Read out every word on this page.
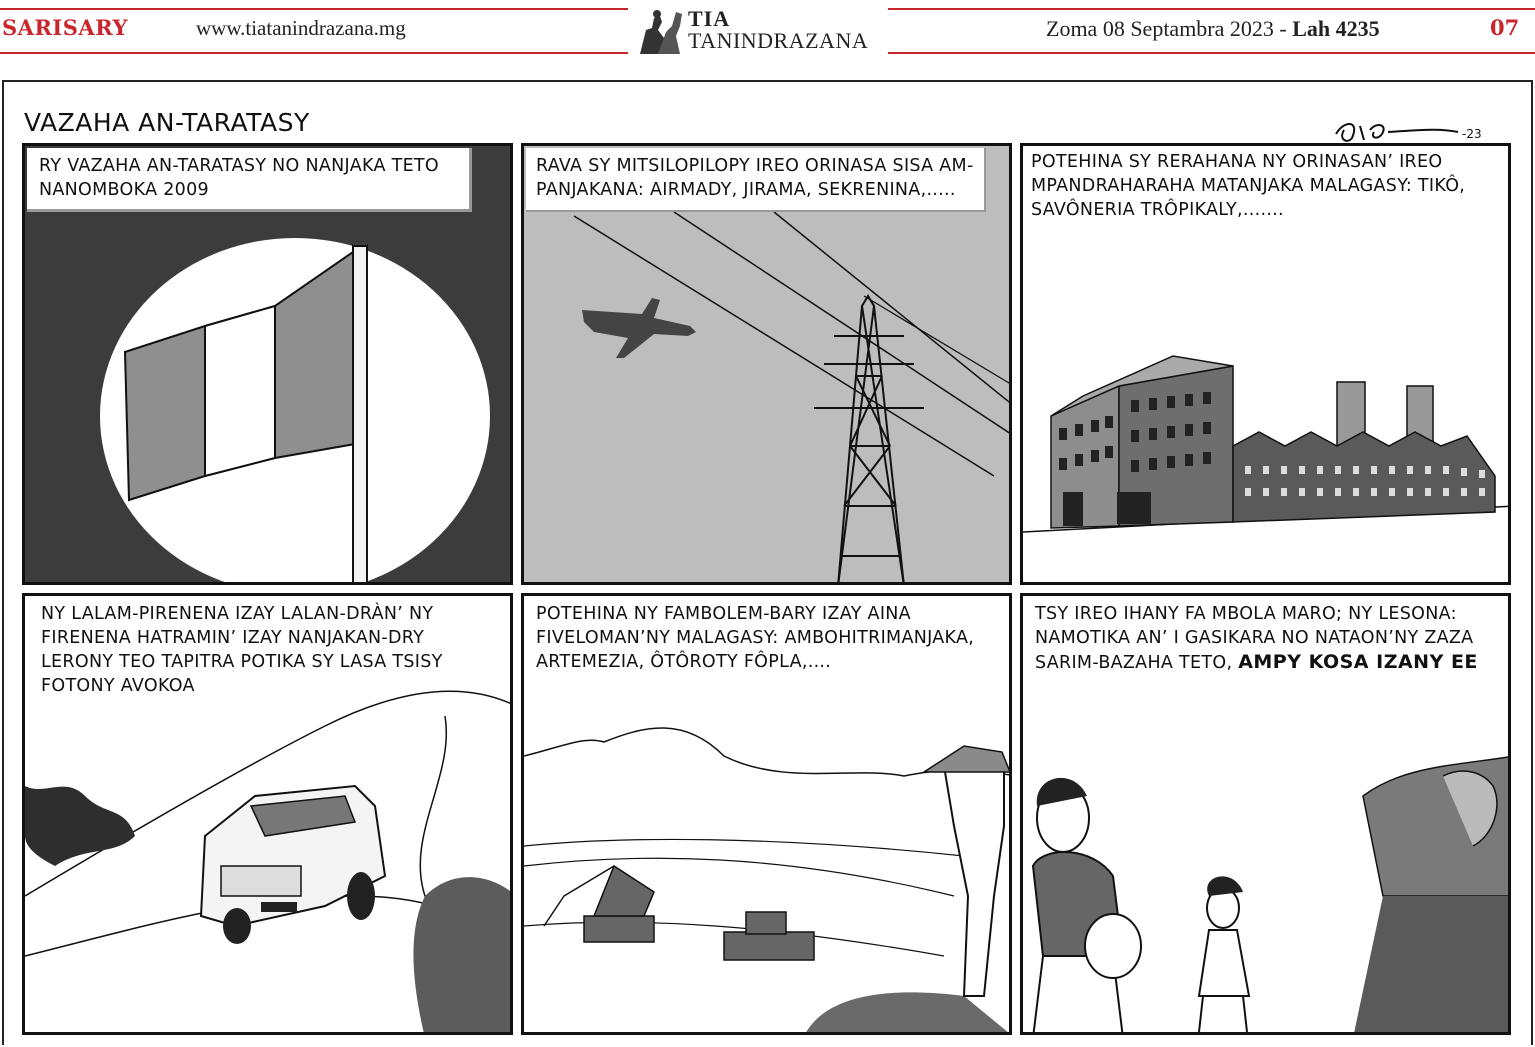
SARISARY	www.tiatanindrazana.mg	TIA
TANINDRAZANA	Zoma 08 Septambra 2023 - Lah 4235	07
VAZAHA AN-TARATASY	-23
RY VAZAHA AN-TARATASY NO NANJAKA TETO
NANOMBOKA 2009
RAVA SY MITSILOPILOPY IREO ORINASA SISA AM-
PANJAKANA: AIRMADY, JIRAMA, SEKRENINA,.....
POTEHINA SY RERAHANA NY ORINASAN’ IREO
MPANDRAHARAHA MATANJAKA MALAGASY: TIKÔ,
SAVÔNERIA TRÔPIKALY,.......
NY LALAM-PIRENENA IZAY LALAN-DRÀN’ NY
FIRENENA HATRAMIN’ IZAY NANJAKAN-DRY
LERONY TEO TAPITRA POTIKA SY LASA TSISY
FOTONY AVOKOA
POTEHINA NY FAMBOLEM-BARY IZAY AINA
FIVELOMAN’NY MALAGASY: AMBOHITRIMANJAKA,
ARTEMEZIA, ÔTÔROTY FÔPLA,....
TSY IREO IHANY FA MBOLA MARO; NY LESONA:
NAMOTIKA AN’ I GASIKARA NO NATAON’NY ZAZA
SARIM-BAZAHA TETO, AMPY KOSA IZANY EE
